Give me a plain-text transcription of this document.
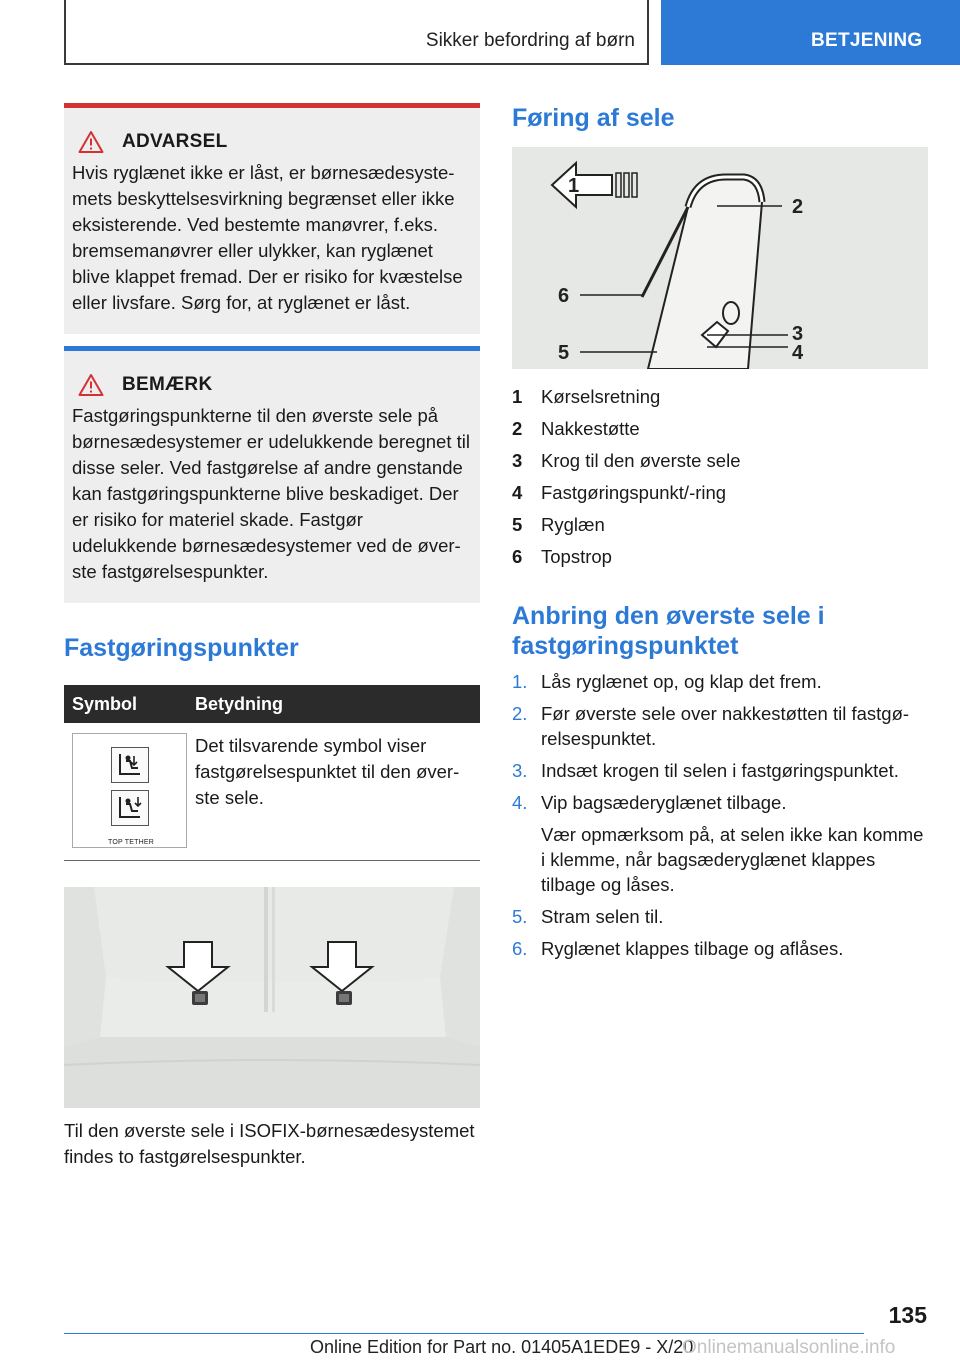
Sikker befordring af børn	BETJENING
ADVARSEL

Hvis ryglænet ikke er låst, er børnesædesystemets beskyttelsesvirkning begrænset eller ikke eksisterende. Ved bestemte manøvrer, f.eks. bremsemanøvrer eller ulykker, kan ryglænet blive klappet fremad. Der er risiko for kvæstelse eller livsfare. Sørg for, at ryglænet er låst.

BEMÆRK

Fastgøringspunkterne til den øverste sele på børnesædesystemer er udelukkende beregnet til disse seler. Ved fastgørelse af andre genstande kan fastgøringspunkterne blive beskadiget. Der er risiko for materiel skade. Fastgør udelukkende børnesædesystemer ved de øverste fastgørelsespunkter.

Fastgøringspunkter
Symbol	Betydning

TOP TETHER	Det tilsvarende symbol viser fastgørelsespunktet til den øverste sele.

Til den øverste sele i ISOFIX-børnesædesystemet findes to fastgørelsespunkter.

Føring af sele
1
2
6
3
5	4
1	Kørselsretning
2	Nakkestøtte
3	Krog til den øverste sele
4	Fastgøringspunkt/-ring
5	Ryglæn
6	Topstrop
Anbring den øverste sele i fastgøringspunktet
1. Lås ryglænet op, og klap det frem.
2. Før øverste sele over nakkestøtten til fastgørelsespunktet.
3. Indsæt krogen til selen i fastgøringspunktet.
4. Vip bagsæderyglænet tilbage.

Vær opmærksom på, at selen ikke kan komme i klemme, når bagsæderyglænet klappes tilbage og låses.

5. Stram selen til.
6. Ryglænet klappes tilbage og aflåses.
135
Online Edition for Part no. 01405A1EDE9 - X/20
Onlinemanualsonline.info
